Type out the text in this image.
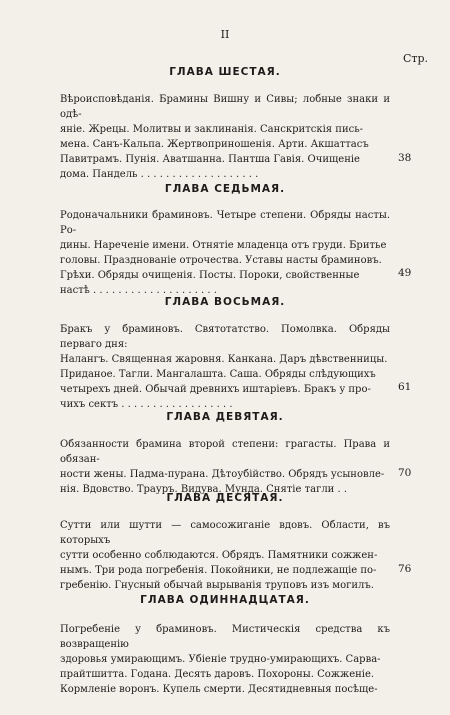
II
Стр.
ГЛАВА ШЕСТАЯ.
Вѣроисповѣданія. Брамины Вишну и Сивы; лобные знаки и одѣ-
яніе. Жрецы. Молитвы и заклинанія. Санскритскія пись-
мена. Санъ-Кальпа. Жертвоприношенія. Арти. Акшаттасъ
Павитрамъ. Пунія. Аватшанна. Пантша Гавія. Очищеніе
дома. Пандель . . . . . . . . . . . . . . . . . . .
38
ГЛАВА СЕДЬМАЯ.
Родоначальники браминовъ. Четыре степени. Обряды насты. Ро-
дины. Нареченіе имени. Отнятіе младенца отъ груди. Бритье
головы. Празднованіе отрочества. Уставы насты браминовъ.
Грѣхи. Обряды очищенія. Посты. Пороки, свойственные
настѣ . . . . . . . . . . . . . . . . . . . .
49
ГЛАВА ВОСЬМАЯ.
Бракъ у браминовъ. Святотатство. Помолвка. Обряды перваго дня:
Налангъ. Священная жаровня. Канкана. Даръ дѣвственницы.
Приданое. Тагли. Мангалашта. Саша. Обряды слѣдующихъ
четырехъ дней. Обычай древнихъ иштарiевъ. Бракъ у про-
чихъ сектъ . . . . . . . . . . . . . . . . . .
61
ГЛАВА ДЕВЯТАЯ.
Обязанности брамина второй степени: грагасты. Права и обязан-
ности жены. Падма-пурана. Дѣтоубійство. Обрядъ усыновле-
нія. Вдовство. Трауръ. Видува. Мунда. Снятіе тагли . .
70
ГЛАВА ДЕСЯТАЯ.
Сутти или шутти — самосожиганіе вдовъ. Области, въ которыхъ
сутти особенно соблюдаются. Обрядъ. Памятники сожжен-
нымъ. Три рода погребенія. Покойники, не подлежащіе по-
гребенію. Гнусный обычай вырыванія труповъ изъ могилъ.
76
ГЛАВА ОДИННАДЦАТАЯ.
Погребеніе у браминовъ. Мистическія средства къ возвращенію
здоровья умирающимъ. Убіеніе трудно-умирающихъ. Сарва-
прайтшитта. Годана. Десять даровъ. Похороны. Сожженіе.
Кормленіе воронъ. Купель смерти. Десятидневныя посѣще-
